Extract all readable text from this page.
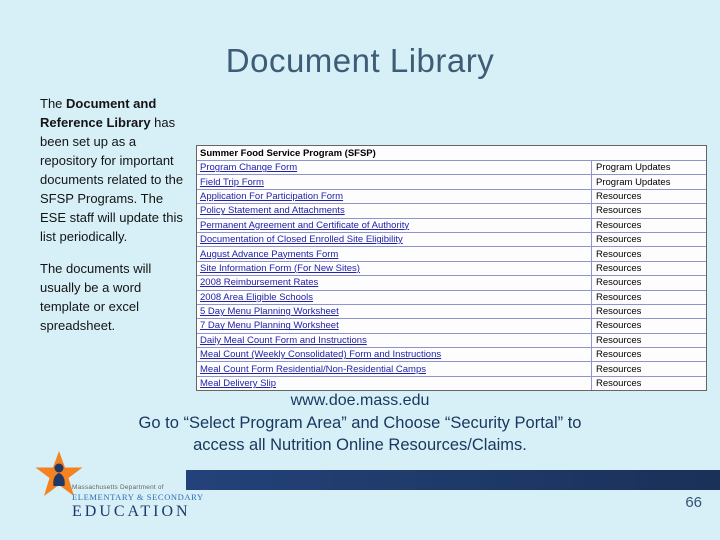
Document Library

The Document and Reference Library has been set up as a repository for important documents related to the SFSP Programs. The ESE staff will update this list periodically.

The documents will usually be a word template or excel spreadsheet.

Summer Food Service Program (SFSP)
Program Change Form	Program Updates
Field Trip Form	Program Updates
Application For Participation Form	Resources
Policy Statement and Attachments	Resources
Permanent Agreement and Certificate of Authority	Resources
Documentation of Closed Enrolled Site Eligibility	Resources
August Advance Payments Form	Resources
Site Information Form (For New Sites)	Resources
2008 Reimbursement Rates	Resources
2008 Area Eligible Schools	Resources
5 Day Menu Planning Worksheet	Resources
7 Day Menu Planning Worksheet	Resources
Daily Meal Count Form and Instructions	Resources
Meal Count (Weekly Consolidated) Form and Instructions	Resources
Meal Count Form Residential/Non-Residential Camps	Resources
Meal Delivery Slip	Resources
www.doe.mass.edu
Go to “Select Program Area” and Choose “Security Portal” to
access all Nutrition Online Resources/Claims.
66
Massachusetts Department of
ELEMENTARY & SECONDARY
EDUCATION
